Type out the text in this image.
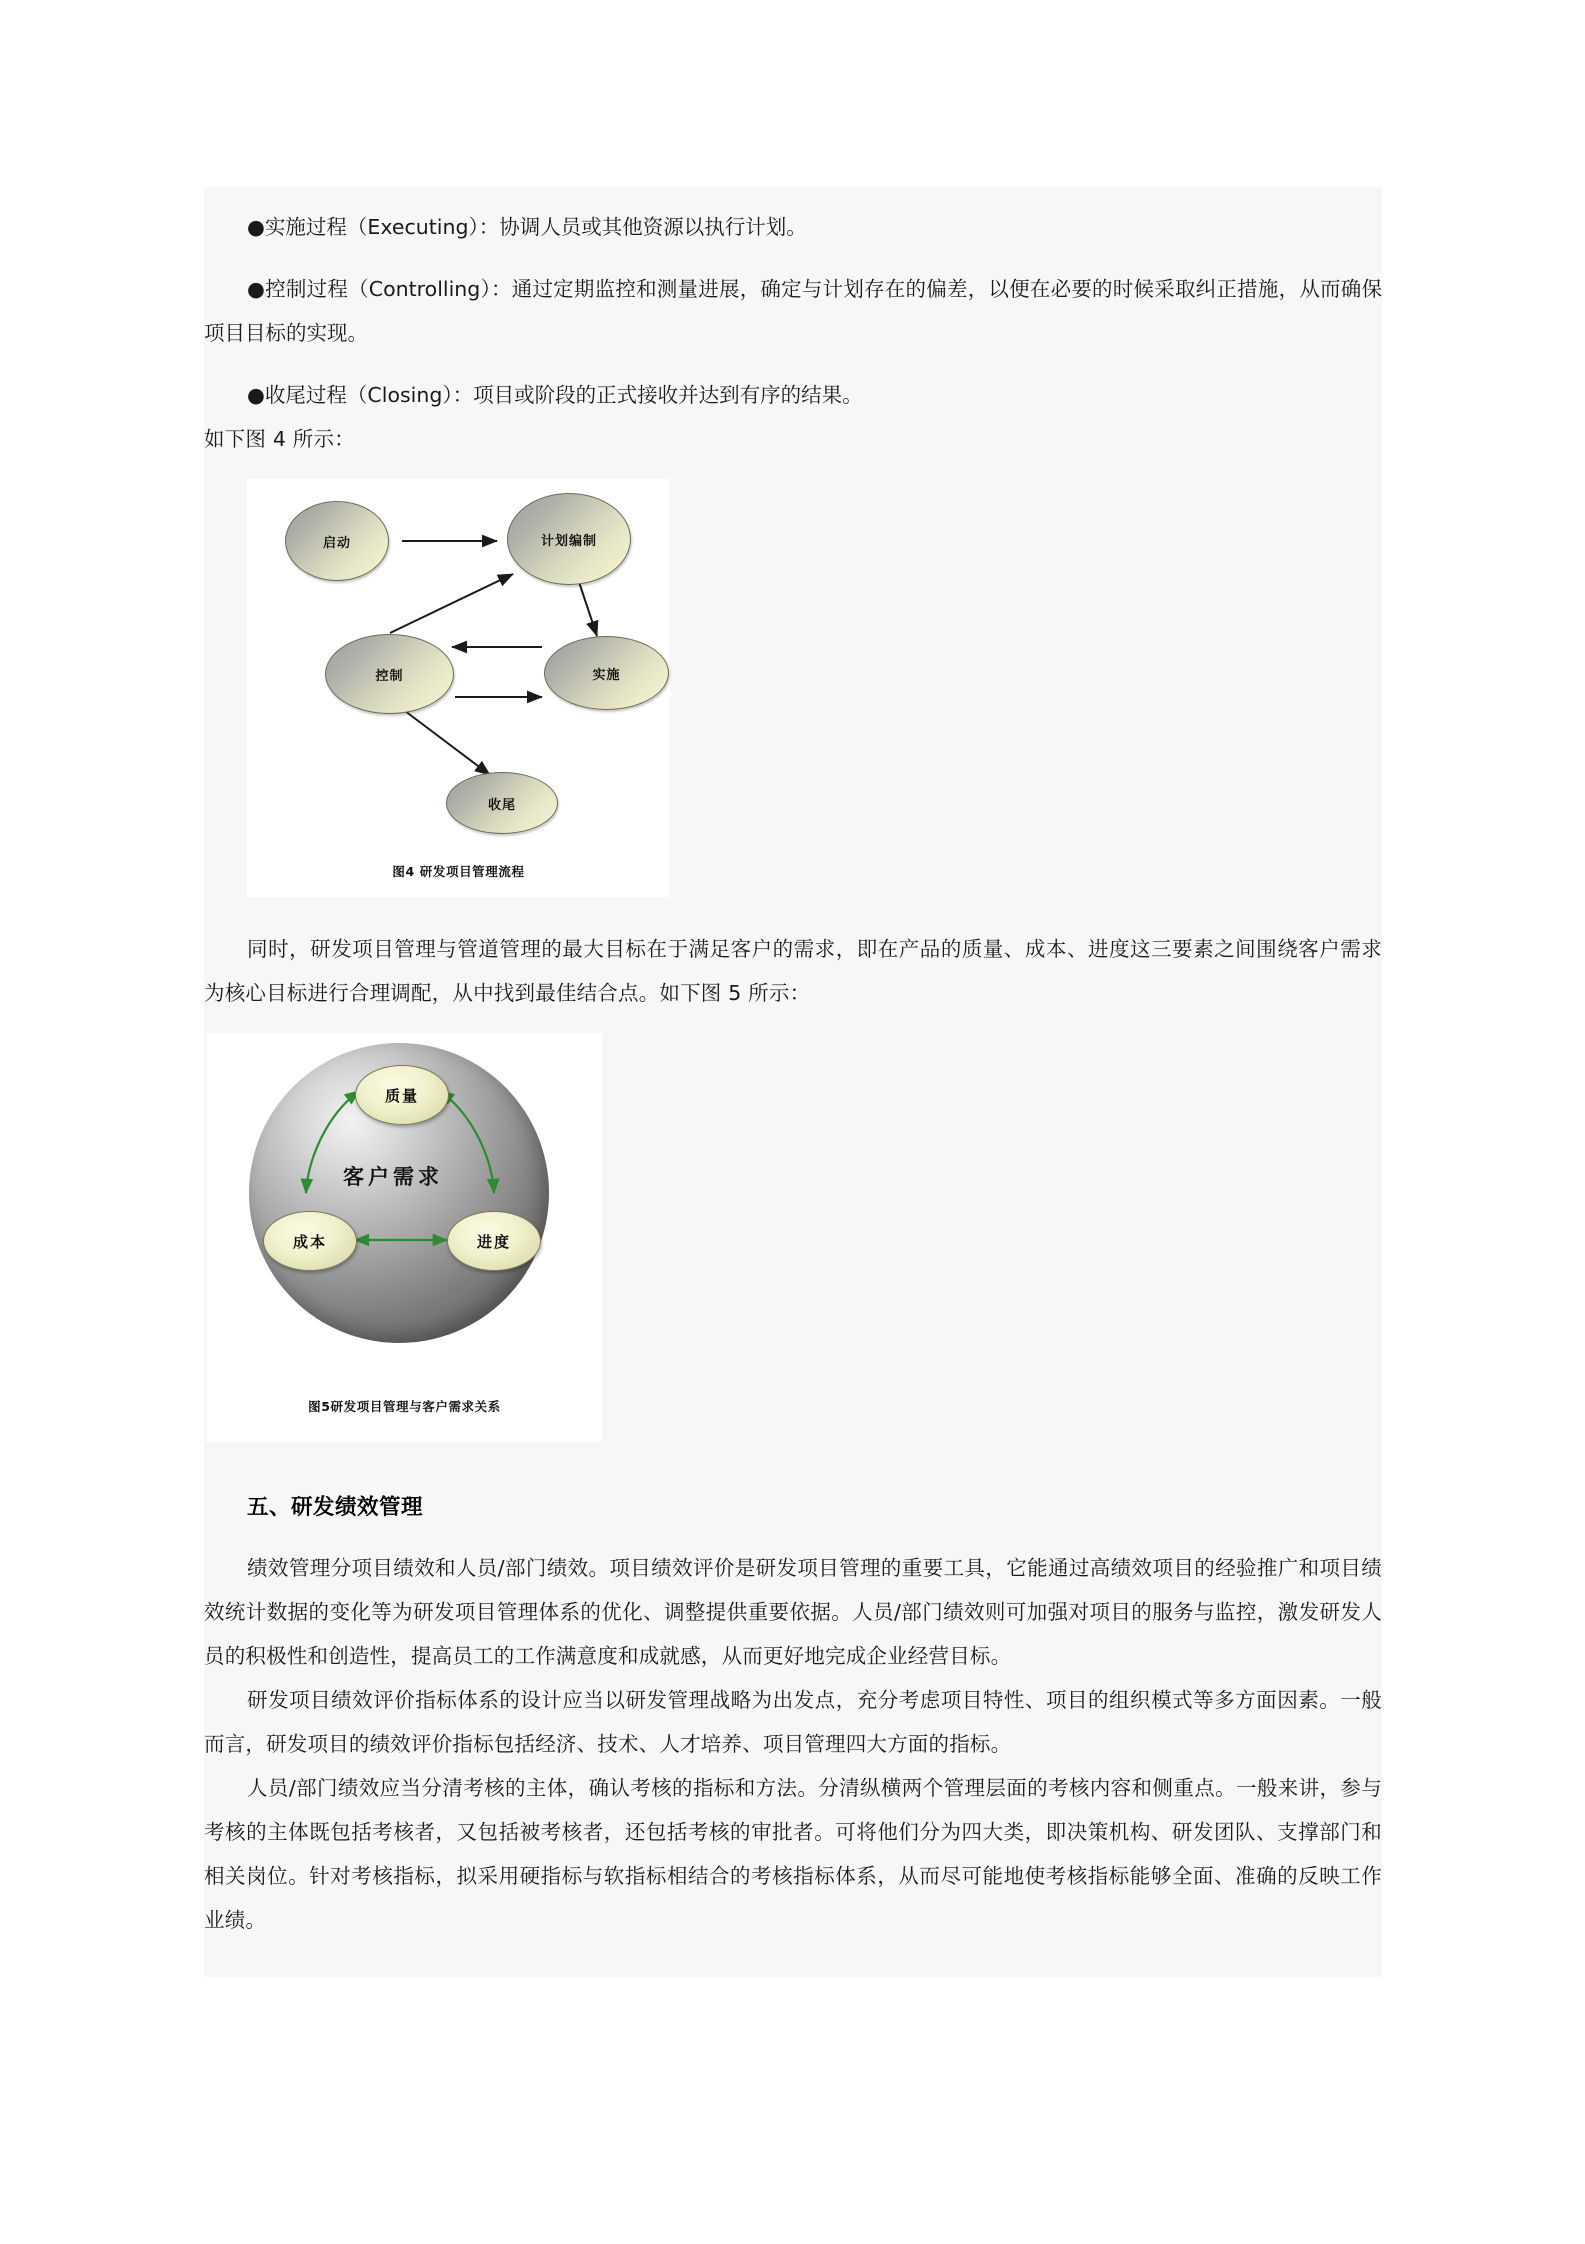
●实施过程（Executing）：协调人员或其他资源以执行计划。

●控制过程（Controlling）：通过定期监控和测量进展，确定与计划存在的偏差，以便在必要的时候采取纠正措施，从而确保项目目标的实现。

●收尾过程（Closing）：项目或阶段的正式接收并达到有序的结果。

如下图 4 所示：

启动	计划编制
控制	实施
收尾
图4 研发项目管理流程

同时，研发项目管理与管道管理的最大目标在于满足客户的需求，即在产品的质量、成本、进度这三要素之间围绕客户需求为核心目标进行合理调配，从中找到最佳结合点。如下图 5 所示：

质量
客户需求
成本	进度
图5研发项目管理与客户需求关系
五、研发绩效管理

绩效管理分项目绩效和人员/部门绩效。项目绩效评价是研发项目管理的重要工具，它能通过高绩效项目的经验推广和项目绩效统计数据的变化等为研发项目管理体系的优化、调整提供重要依据。人员/部门绩效则可加强对项目的服务与监控，激发研发人员的积极性和创造性，提高员工的工作满意度和成就感，从而更好地完成企业经营目标。

研发项目绩效评价指标体系的设计应当以研发管理战略为出发点，充分考虑项目特性、项目的组织模式等多方面因素。一般而言，研发项目的绩效评价指标包括经济、技术、人才培养、项目管理四大方面的指标。

人员/部门绩效应当分清考核的主体，确认考核的指标和方法。分清纵横两个管理层面的考核内容和侧重点。一般来讲，参与考核的主体既包括考核者，又包括被考核者，还包括考核的审批者。可将他们分为四大类，即决策机构、研发团队、支撑部门和相关岗位。针对考核指标，拟采用硬指标与软指标相结合的考核指标体系，从而尽可能地使考核指标能够全面、准确的反映工作业绩。
